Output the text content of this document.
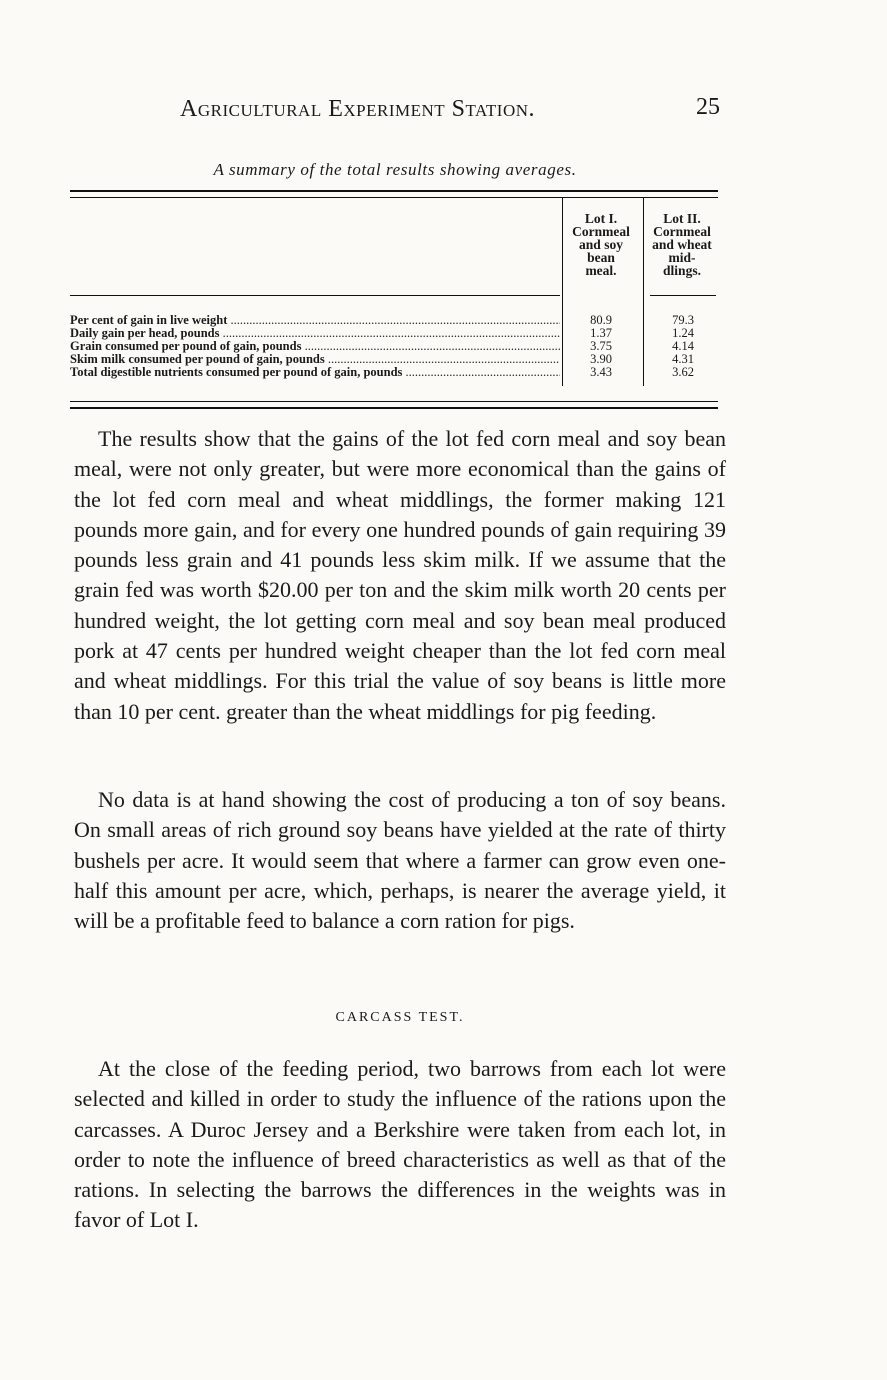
Agricultural Experiment Station.	25
A summary of the total results showing averages.
Lot I.
Cornmeal
and soy
bean
meal.
Lot II.
Cornmeal
and wheat
mid-
dlings.
Per cent of gain in live weight .....	80.9	79.3
Daily gain per head, pounds .....	1.37	1.24
Grain consumed per pound of gain, pounds .....	3.75	4.14
Skim milk consumed per pound of gain, pounds .....	3.90	4.31
Total digestible nutrients consumed per pound of gain, pounds .....	3.43	3.62

The results show that the gains of the lot fed corn meal and soy bean meal, were not only greater, but were more economical than the gains of the lot fed corn meal and wheat middlings, the former making 121 pounds more gain, and for every one hundred pounds of gain requiring 39 pounds less grain and 41 pounds less skim milk. If we assume that the grain fed was worth $20.00 per ton and the skim milk worth 20 cents per hundred weight, the lot getting corn meal and soy bean meal produced pork at 47 cents per hundred weight cheaper than the lot fed corn meal and wheat middlings. For this trial the value of soy beans is little more than 10 per cent. greater than the wheat middlings for pig feeding.

No data is at hand showing the cost of producing a ton of soy beans. On small areas of rich ground soy beans have yielded at the rate of thirty bushels per acre. It would seem that where a farmer can grow even one-half this amount per acre, which, perhaps, is nearer the average yield, it will be a profitable feed to balance a corn ration for pigs.

CARCASS TEST.

At the close of the feeding period, two barrows from each lot were selected and killed in order to study the influence of the rations upon the carcasses. A Duroc Jersey and a Berkshire were taken from each lot, in order to note the influence of breed characteristics as well as that of the rations. In selecting the barrows the differences in the weights was in favor of Lot I.
